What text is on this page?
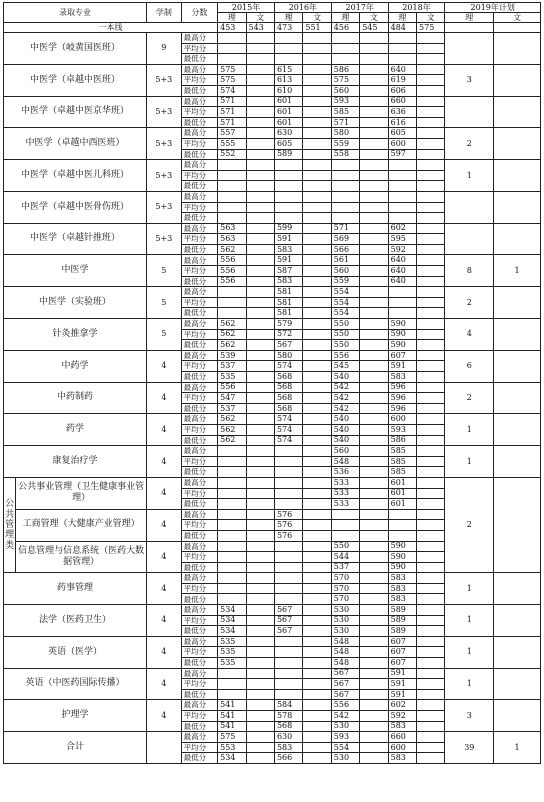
录取专业		学制	分数	2015年		2016年		2017年		2018年		2019年计划	
				理	文	理	文	理	文	理	文	理	文
一本线				453	543	473	551	456	545	484	575		
中医学（岐黄国医班）		9	最高分										
			平均分										
			最低分										
中医学（卓越中医班）		5+3	最高分	575		615		586		640		3	
			平均分	575		613		575		619			
			最低分	574		610		560		606			
中医学（卓越中医京华班）		5+3	最高分	571		601		593		660			
			平均分	571		601		585		636			
			最低分	571		601		571		616			
中医学（卓越中西医班）		5+3	最高分	557		630		580		605		2	
			平均分	555		605		559		600			
			最低分	552		589		558		597			
中医学（卓越中医儿科班）		5+3	最高分									1	
			平均分										
			最低分										
中医学（卓越中医骨伤班）		5+3	最高分										
			平均分										
			最低分										
中医学（卓越针推班）		5+3	最高分	563		599		571		602			
			平均分	563		591		569		595			
			最低分	562		583		566		592			
中医学		5	最高分	556		591		561		640		8	1
			平均分	556		587		560		640			
			最低分	556		583		559		640			
中医学（实验班）		5	最高分			581		554				2	
			平均分			581		554					
			最低分			581		554					
针灸推拿学		5	最高分	562		579		550		590		4	
			平均分	562		572		550		590			
			最低分	562		567		550		590			
中药学		4	最高分	539		580		556		607		6	
			平均分	537		574		545		591			
			最低分	535		568		540		583			
中药制药		4	最高分	556		568		542		596		2	
			平均分	547		568		542		596			
			最低分	537		568		542		596			
药学		4	最高分	562		574		540		600		1	
			平均分	562		574		540		593			
			最低分	562		574		540		586			
康复治疗学		4	最高分					560		585		1	
			平均分					548		585			
			最低分					536		585			
公共管理类	公共事业管理（卫生健康事业管理）	4	最高分					533		601		2	
			平均分					533		601			
			最低分					533		601			
	工商管理（大健康产业管理）	4	最高分			576							
			平均分			576							
			最低分			576							
	信息管理与信息系统（医药大数据管理）	4	最高分					550		590			
			平均分					544		590			
			最低分					537		590			
药事管理		4	最高分					570		583		1	
			平均分					570		583			
			最低分					570		583			
法学（医药卫生）		4	最高分	534		567		530		589		1	
			平均分	534		567		530		589			
			最低分	534		567		530		589			
英语（医学）		4	最高分	535				548		607		1	
			平均分	535				548		607			
			最低分	535				548		607			
英语（中医药国际传播）		4	最高分					567		591		1	
			平均分					567		591			
			最低分					567		591			
护理学		4	最高分	541		584		556		602		3	
			平均分	541		578		542		592			
			最低分	541		568		530		583			
合计			最高分	575		630		593		660		39	1
			平均分	553		583		554		600			
			最低分	534		566		530		583			
